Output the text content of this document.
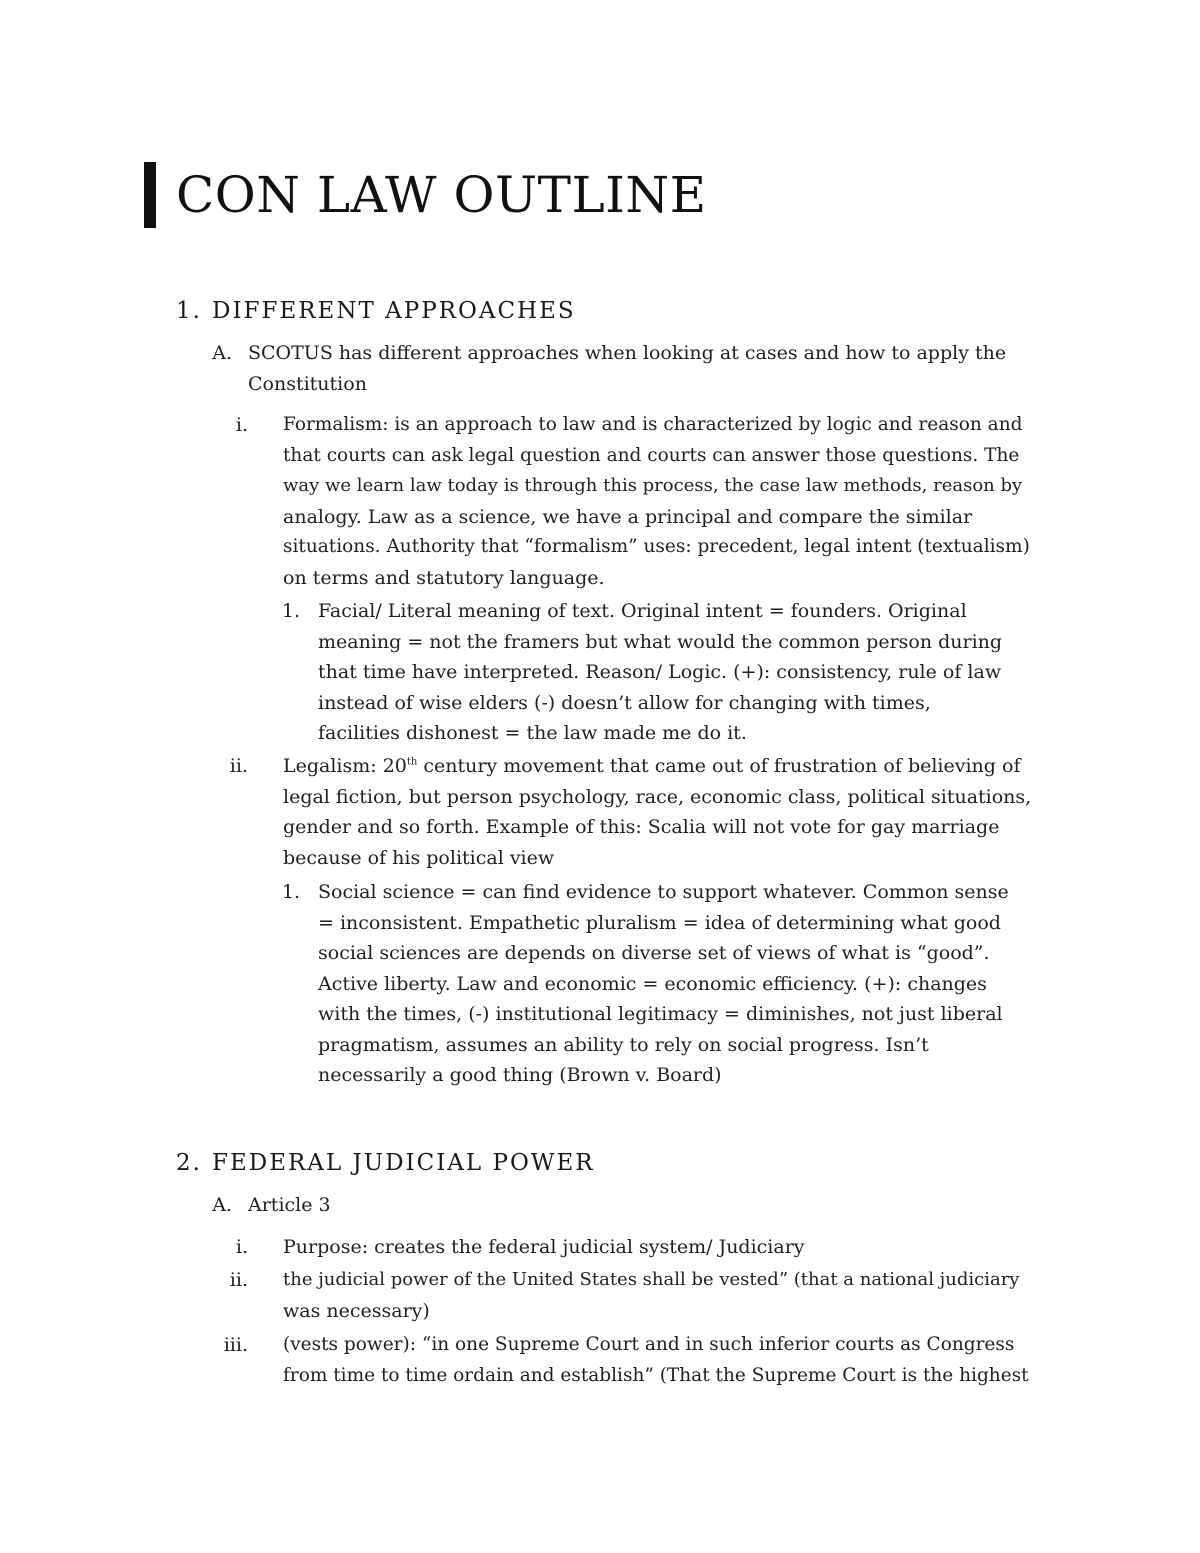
CON LAW OUTLINE
1. DIFFERENT APPROACHES
A. SCOTUS has different approaches when looking at cases and how to apply the
Constitution
i. Formalism: is an approach to law and is characterized by logic and reason and
that courts can ask legal question and courts can answer those questions. The
way we learn law today is through this process, the case law methods, reason by
analogy. Law as a science, we have a principal and compare the similar
situations. Authority that “formalism” uses: precedent, legal intent (textualism)
on terms and statutory language.
1. Facial/ Literal meaning of text. Original intent = founders. Original
meaning = not the framers but what would the common person during
that time have interpreted. Reason/ Logic. (+): consistency, rule of law
instead of wise elders (-) doesn’t allow for changing with times,
facilities dishonest = the law made me do it.
ii. Legalism: 20th century movement that came out of frustration of believing of
legal fiction, but person psychology, race, economic class, political situations,
gender and so forth. Example of this: Scalia will not vote for gay marriage
because of his political view
1. Social science = can find evidence to support whatever. Common sense
= inconsistent. Empathetic pluralism = idea of determining what good
social sciences are depends on diverse set of views of what is “good”.
Active liberty. Law and economic = economic efficiency. (+): changes
with the times, (-) institutional legitimacy = diminishes, not just liberal
pragmatism, assumes an ability to rely on social progress. Isn’t
necessarily a good thing (Brown v. Board)
2. FEDERAL JUDICIAL POWER
A. Article 3
i. Purpose: creates the federal judicial system/ Judiciary
ii. the judicial power of the United States shall be vested” (that a national judiciary
was necessary)
iii. (vests power): “in one Supreme Court and in such inferior courts as Congress
from time to time ordain and establish” (That the Supreme Court is the highest
